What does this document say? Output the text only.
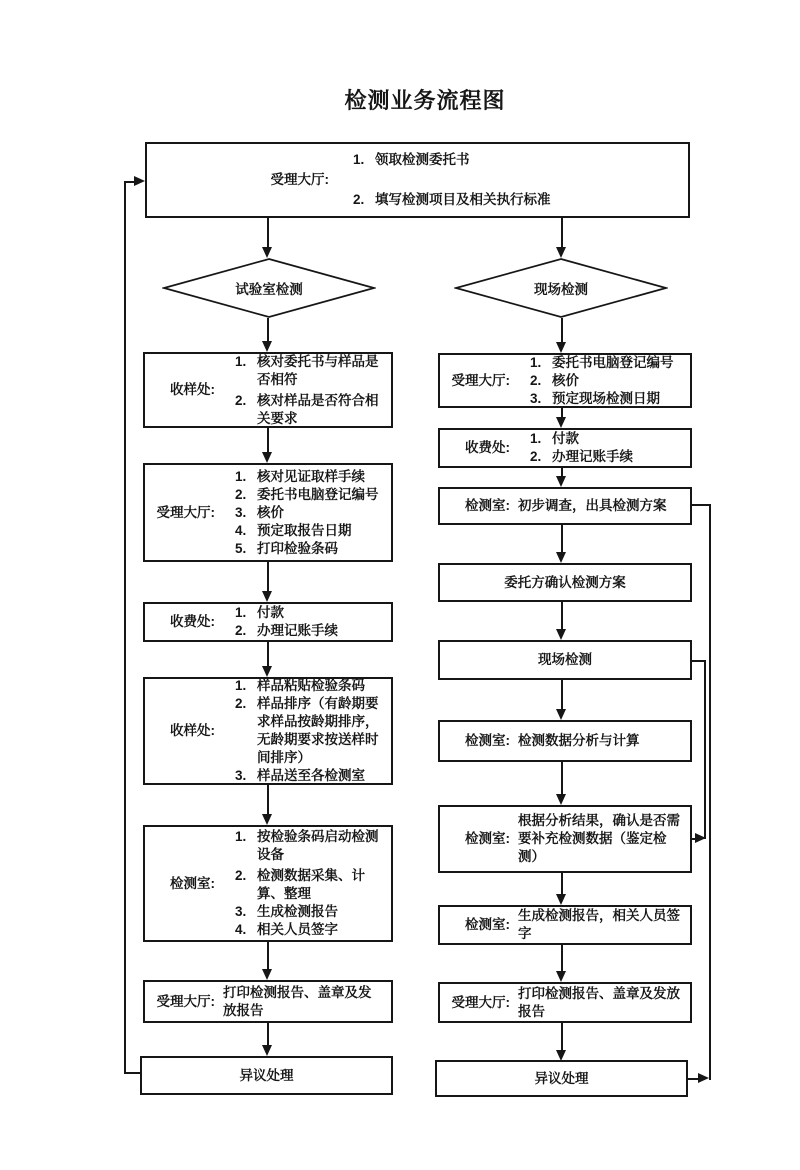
检测业务流程图
受理大厅:
1. 领取检测委托书
2. 填写检测项目及相关执行标准
试验室检测	现场检测
收样处:
1. 核对委托书与样品是否相符
2. 核对样品是否符合相关要求
受理大厅:
1. 核对见证取样手续
2. 委托书电脑登记编号
3. 核价
4. 预定取报告日期
5. 打印检验条码
收费处:
1. 付款
2. 办理记账手续
收样处:
1. 样品粘贴检验条码
2. 样品排序（有龄期要求样品按龄期排序，无龄期要求按送样时间排序）
3. 样品送至各检测室
检测室:
1. 按检验条码启动检测设备
2. 检测数据采集、计算、整理
3. 生成检测报告
4. 相关人员签字
受理大厅:
打印检测报告、盖章及发放报告
异议处理
受理大厅:
1. 委托书电脑登记编号
2. 核价
3. 预定现场检测日期
收费处:
1. 付款
2. 办理记账手续
检测室: 初步调查，出具检测方案
委托方确认检测方案
现场检测
检测室: 检测数据分析与计算
检测室:
根据分析结果，确认是否需要补充检测数据（鉴定检测）
检测室:
生成检测报告，相关人员签字
受理大厅:
打印检测报告、盖章及发放报告
异议处理
